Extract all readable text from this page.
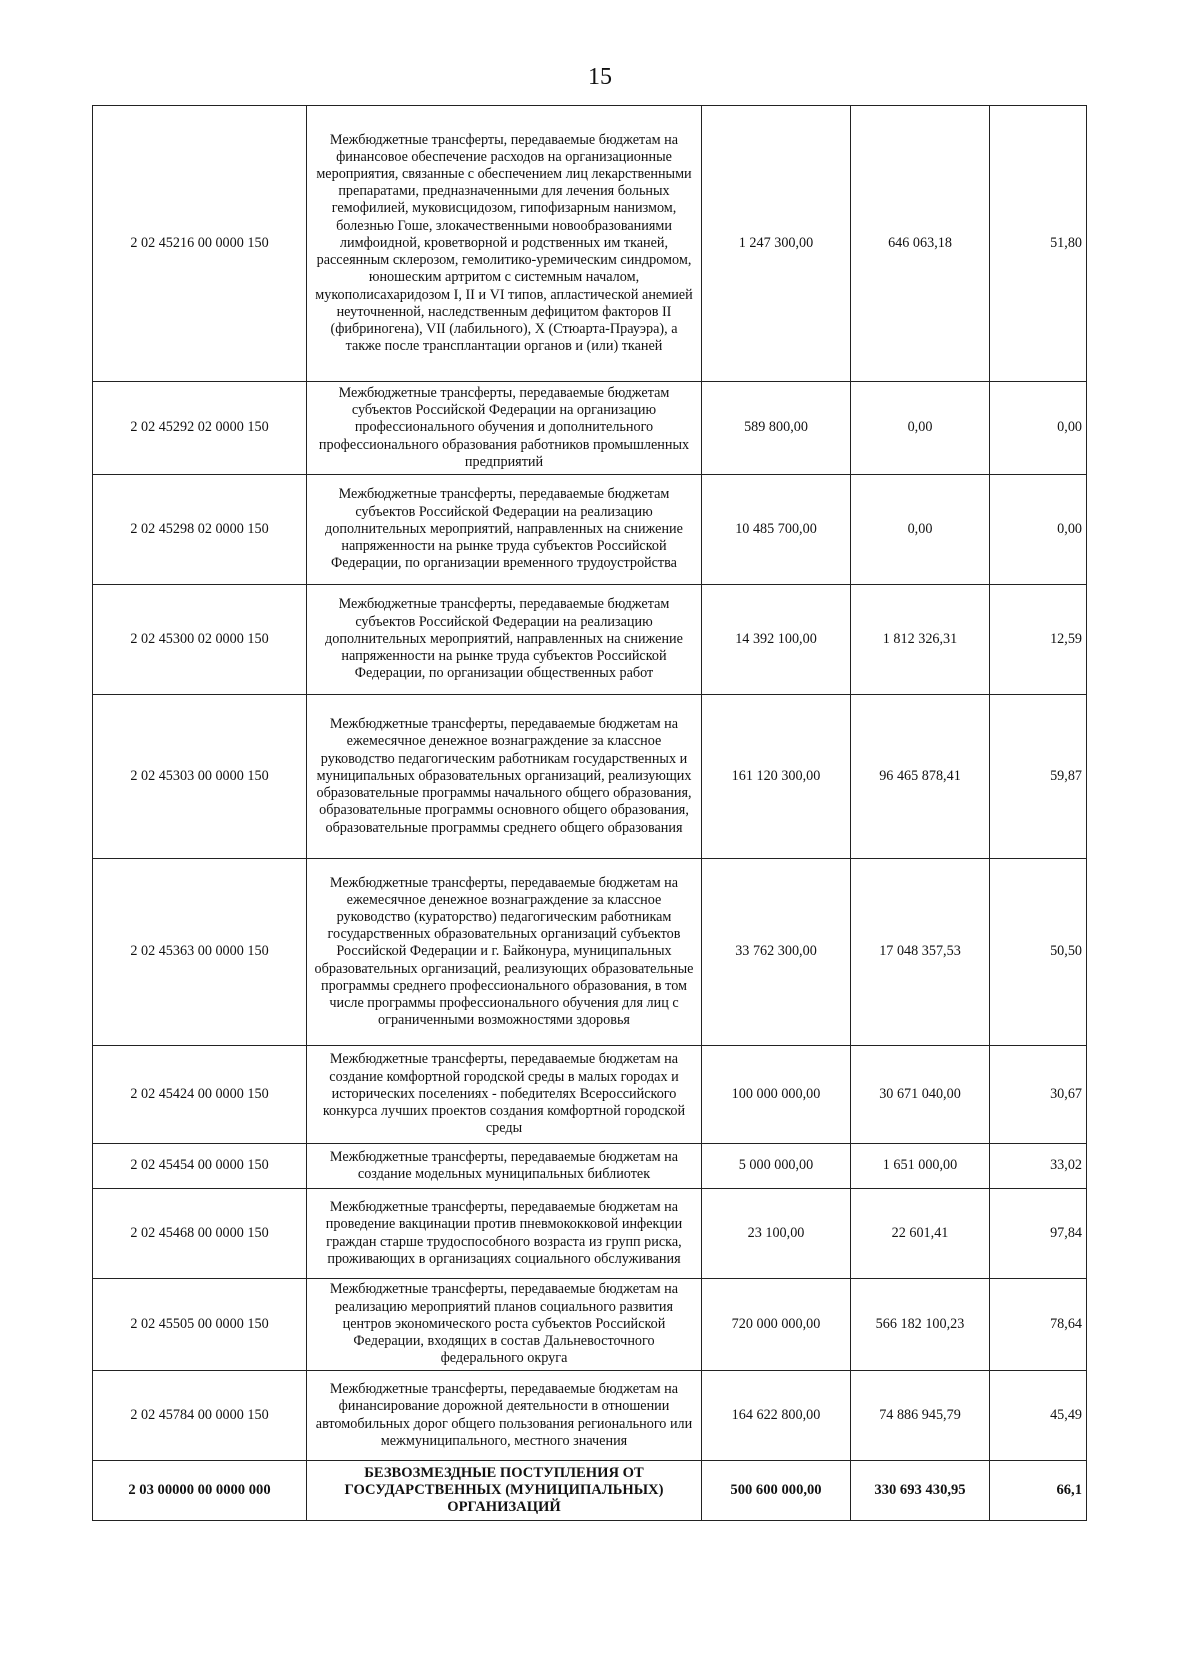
15
2 02 45216 00 0000 150	Межбюджетные трансферты, передаваемые бюджетам на финансовое обеспечение расходов на организационные мероприятия, связанные с обеспечением лиц лекарственными препаратами, предназначенными для лечения больных гемофилией, муковисцидозом, гипофизарным нанизмом, болезнью Гоше, злокачественными новообразованиями лимфоидной, кроветворной и родственных им тканей, рассеянным склерозом, гемолитико-уремическим синдромом, юношеским артритом с системным началом, мукополисахаридозом I, II и VI типов, апластической анемией неуточненной, наследственным дефицитом факторов II (фибриногена), VII (лабильного), X (Стюарта-Прауэра), а также после трансплантации органов и (или) тканей	1 247 300,00	646 063,18	51,80
2 02 45292 02 0000 150	Межбюджетные трансферты, передаваемые бюджетам субъектов Российской Федерации на организацию профессионального обучения и дополнительного профессионального образования работников промышленных предприятий	589 800,00	0,00	0,00
2 02 45298 02 0000 150	Межбюджетные трансферты, передаваемые бюджетам субъектов Российской Федерации на реализацию дополнительных мероприятий, направленных на снижение напряженности на рынке труда субъектов Российской Федерации, по организации временного трудоустройства	10 485 700,00	0,00	0,00
2 02 45300 02 0000 150	Межбюджетные трансферты, передаваемые бюджетам субъектов Российской Федерации на реализацию дополнительных мероприятий, направленных на снижение напряженности на рынке труда субъектов Российской Федерации, по организации общественных работ	14 392 100,00	1 812 326,31	12,59
2 02 45303 00 0000 150	Межбюджетные трансферты, передаваемые бюджетам на ежемесячное денежное вознаграждение за классное руководство педагогическим работникам государственных и муниципальных образовательных организаций, реализующих образовательные программы начального общего образования, образовательные программы основного общего образования, образовательные программы среднего общего образования	161 120 300,00	96 465 878,41	59,87
2 02 45363 00 0000 150	Межбюджетные трансферты, передаваемые бюджетам на ежемесячное денежное вознаграждение за классное руководство (кураторство) педагогическим работникам государственных образовательных организаций субъектов Российской Федерации и г. Байконура, муниципальных образовательных организаций, реализующих образовательные программы среднего профессионального образования, в том числе программы профессионального обучения для лиц с ограниченными возможностями здоровья	33 762 300,00	17 048 357,53	50,50
2 02 45424 00 0000 150	Межбюджетные трансферты, передаваемые бюджетам на создание комфортной городской среды в малых городах и исторических поселениях - победителях Всероссийского конкурса лучших проектов создания комфортной городской среды	100 000 000,00	30 671 040,00	30,67
2 02 45454 00 0000 150	Межбюджетные трансферты, передаваемые бюджетам на создание модельных муниципальных библиотек	5 000 000,00	1 651 000,00	33,02
2 02 45468 00 0000 150	Межбюджетные трансферты, передаваемые бюджетам на проведение вакцинации против пневмококковой инфекции граждан старше трудоспособного возраста из групп риска, проживающих в организациях социального обслуживания	23 100,00	22 601,41	97,84
2 02 45505 00 0000 150	Межбюджетные трансферты, передаваемые бюджетам на реализацию мероприятий планов социального развития центров экономического роста субъектов Российской Федерации, входящих в состав Дальневосточного федерального округа	720 000 000,00	566 182 100,23	78,64
2 02 45784 00 0000 150	Межбюджетные трансферты, передаваемые бюджетам на финансирование дорожной деятельности в отношении автомобильных дорог общего пользования регионального или межмуниципального, местного значения	164 622 800,00	74 886 945,79	45,49
2 03 00000 00 0000 000	БЕЗВОЗМЕЗДНЫЕ ПОСТУПЛЕНИЯ ОТ ГОСУДАРСТВЕННЫХ (МУНИЦИПАЛЬНЫХ) ОРГАНИЗАЦИЙ	500 600 000,00	330 693 430,95	66,1
